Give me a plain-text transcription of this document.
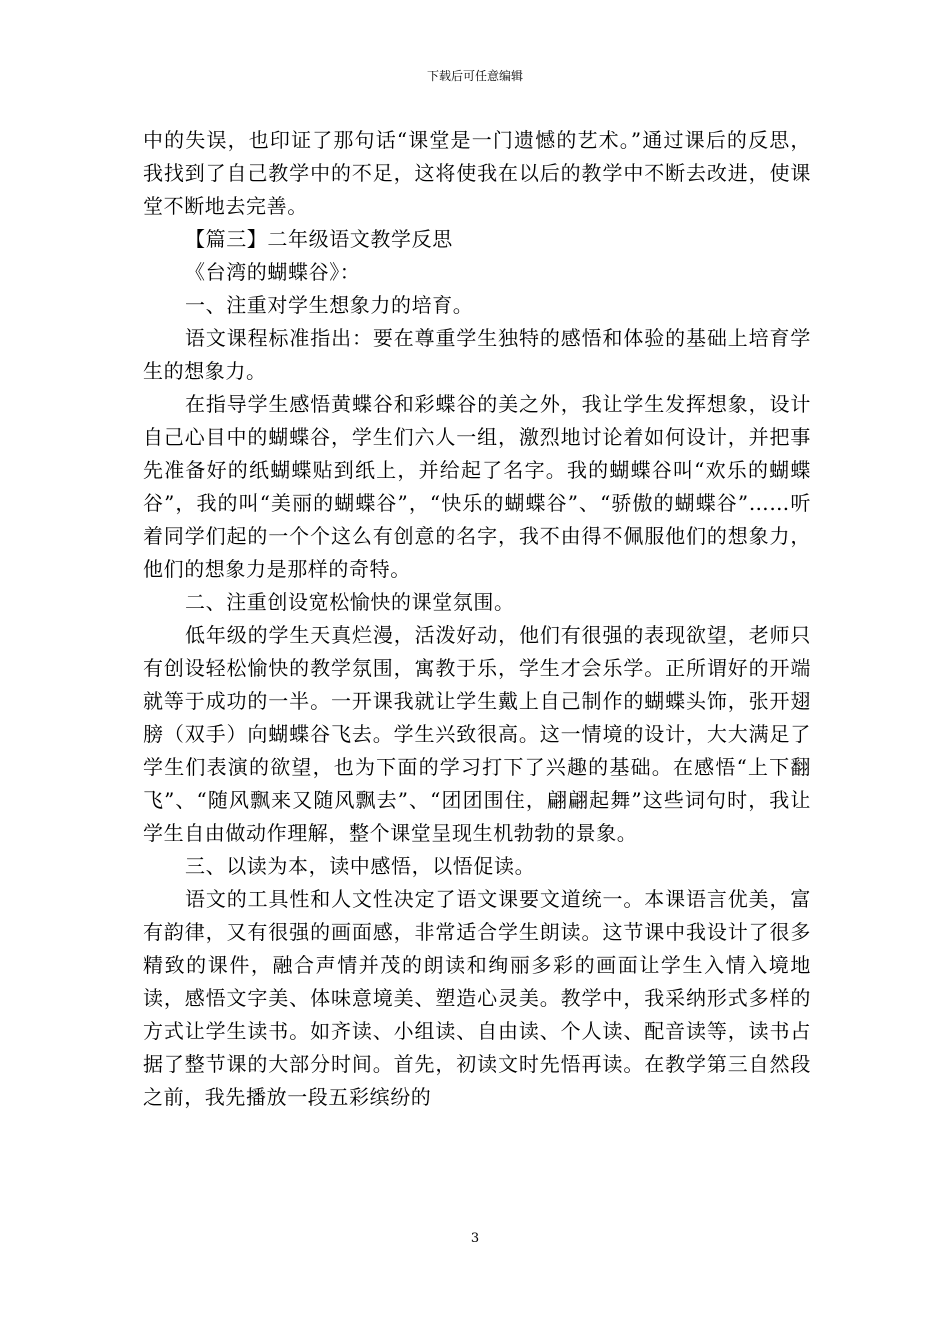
下载后可任意编辑

中的失误，也印证了那句话“课堂是一门遗憾的艺术。”通过课后的反思，我找到了自己教学中的不足，这将使我在以后的教学中不断去改进，使课堂不断地去完善。

【篇三】二年级语文教学反思

《台湾的蝴蝶谷》：

一、注重对学生想象力的培育。

语文课程标准指出：要在尊重学生独特的感悟和体验的基础上培育学生的想象力。

在指导学生感悟黄蝶谷和彩蝶谷的美之外，我让学生发挥想象，设计自己心目中的蝴蝶谷，学生们六人一组，激烈地讨论着如何设计，并把事先准备好的纸蝴蝶贴到纸上，并给起了名字。我的蝴蝶谷叫“欢乐的蝴蝶谷”，我的叫“美丽的蝴蝶谷”，“快乐的蝴蝶谷”、“骄傲的蝴蝶谷”……听着同学们起的一个个这么有创意的名字，我不由得不佩服他们的想象力，他们的想象力是那样的奇特。

二、注重创设宽松愉快的课堂氛围。

低年级的学生天真烂漫，活泼好动，他们有很强的表现欲望，老师只有创设轻松愉快的教学氛围，寓教于乐，学生才会乐学。正所谓好的开端就等于成功的一半。一开课我就让学生戴上自己制作的蝴蝶头饰，张开翅膀（双手）向蝴蝶谷飞去。学生兴致很高。这一情境的设计，大大满足了学生们表演的欲望，也为下面的学习打下了兴趣的基础。在感悟“上下翻飞”、“随风飘来又随风飘去”、“团团围住，翩翩起舞”这些词句时，我让学生自由做动作理解，整个课堂呈现生机勃勃的景象。

三、以读为本，读中感悟，以悟促读。

语文的工具性和人文性决定了语文课要文道统一。本课语言优美，富有韵律，又有很强的画面感，非常适合学生朗读。这节课中我设计了很多精致的课件，融合声情并茂的朗读和绚丽多彩的画面让学生入情入境地读，感悟文字美、体味意境美、塑造心灵美。教学中，我采纳形式多样的方式让学生读书。如齐读、小组读、自由读、个人读、配音读等，读书占据了整节课的大部分时间。首先，初读文时先悟再读。在教学第三自然段之前，我先播放一段五彩缤纷的

3
